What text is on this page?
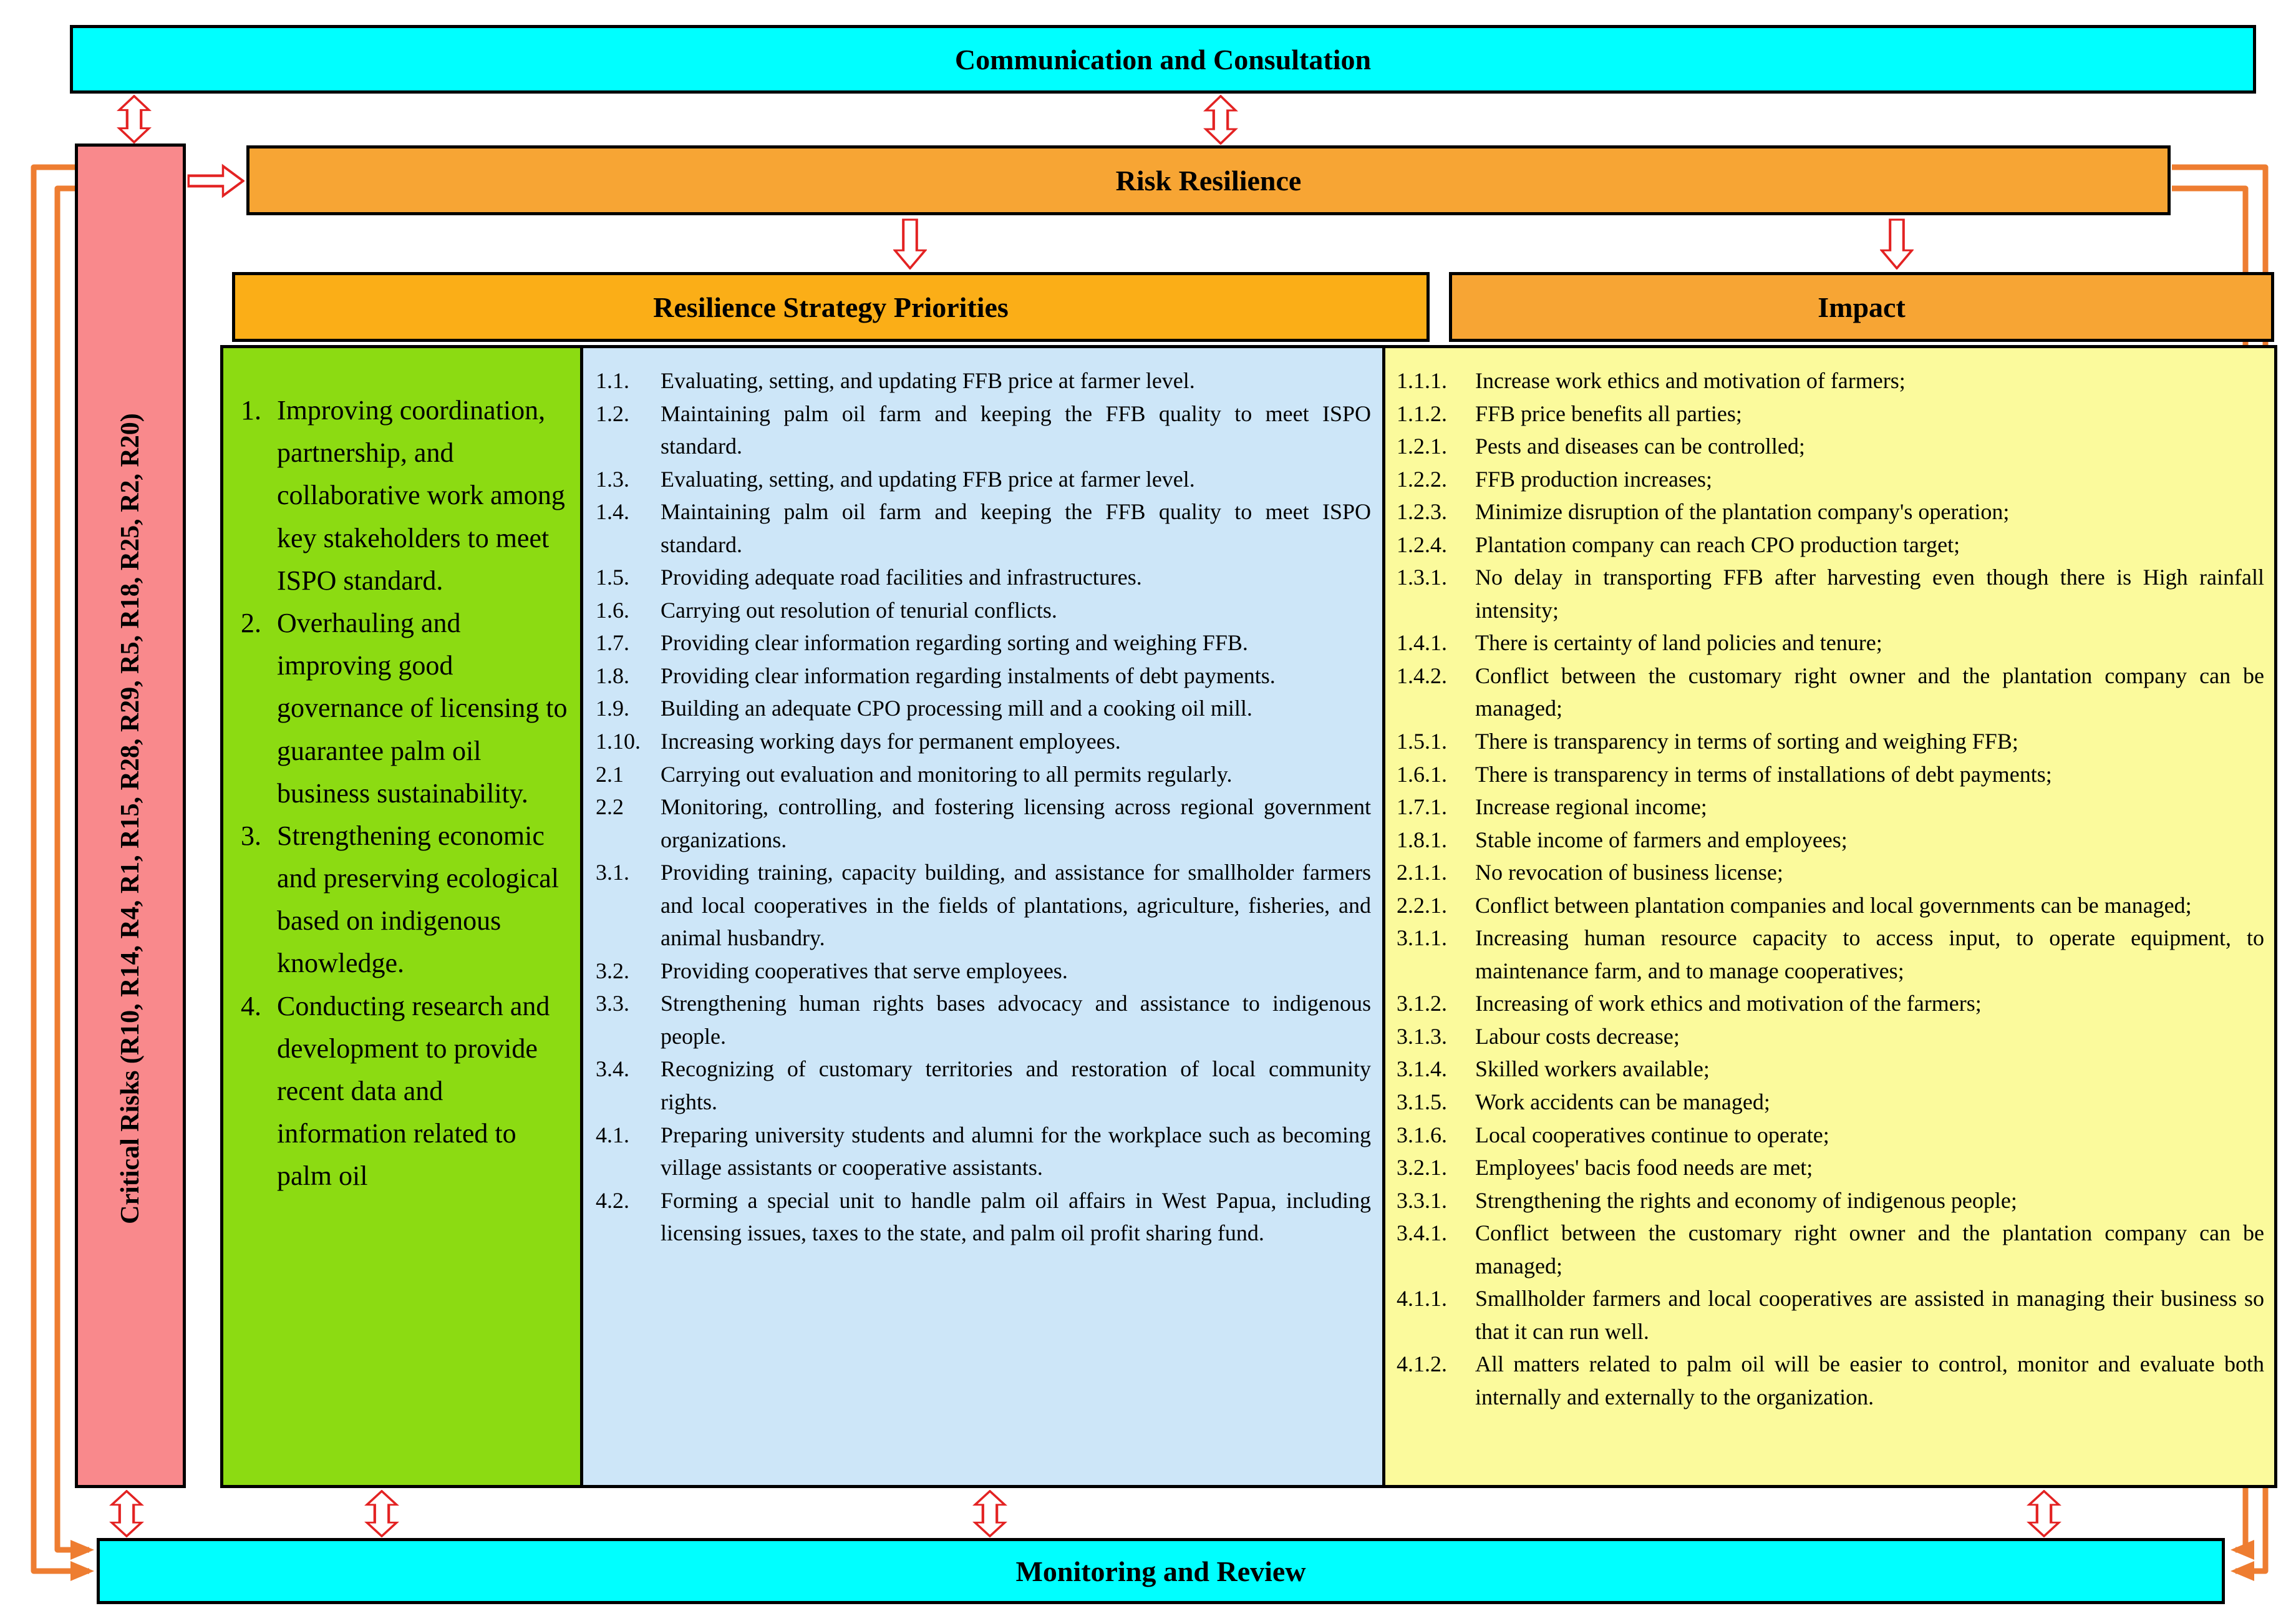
Communication and Consultation
Critical Risks (R10, R14, R4, R1, R15, R28, R29, R5, R18, R25, R2, R20)
Risk Resilience
Resilience Strategy Priorities	Impact
1. Improving coordination, partnership, and collaborative work among key stakeholders to meet ISPO standard.
2. Overhauling and improving good governance of licensing to guarantee palm oil business sustainability.
3. Strengthening economic and preserving ecological based on indigenous knowledge.
4. Conducting research and development to provide recent data and information related to palm oil
1.1.	Evaluating, setting, and updating FFB price at farmer level.
1.2.	Maintaining palm oil farm and keeping the FFB quality to meet ISPO standard.
1.3.	Evaluating, setting, and updating FFB price at farmer level.
1.4.	Maintaining palm oil farm and keeping the FFB quality to meet ISPO standard.
1.5.	Providing adequate road facilities and infrastructures.
1.6.	Carrying out resolution of tenurial conflicts.
1.7.	Providing clear information regarding sorting and weighing FFB.
1.8.	Providing clear information regarding instalments of debt payments.
1.9.	Building an adequate CPO processing mill and a cooking oil mill.
1.10. Increasing working days for permanent employees.
2.1	Carrying out evaluation and monitoring to all permits regularly.
2.2	Monitoring, controlling, and fostering licensing across regional government organizations.
3.1.	Providing training, capacity building, and assistance for smallholder farmers and local cooperatives in the fields of plantations, agriculture, fisheries, and animal husbandry.
3.2.	Providing cooperatives that serve employees.
3.3.	Strengthening human rights bases advocacy and assistance to indigenous people.
3.4.	Recognizing of customary territories and restoration of local community rights.
4.1.	Preparing university students and alumni for the workplace such as becoming village assistants or cooperative assistants.
4.2.	Forming a special unit to handle palm oil affairs in West Papua, including licensing issues, taxes to the state, and palm oil profit sharing fund.
1.1.1.	Increase work ethics and motivation of farmers;
1.1.2.	FFB price benefits all parties;
1.2.1.	Pests and diseases can be controlled;
1.2.2.	FFB production increases;
1.2.3.	Minimize disruption of the plantation company's operation;
1.2.4.	Plantation company can reach CPO production target;
1.3.1.	No delay in transporting FFB after harvesting even though there is High rainfall intensity;
1.4.1.	There is certainty of land policies and tenure;
1.4.2.	Conflict between the customary right owner and the plantation company can be managed;
1.5.1.	There is transparency in terms of sorting and weighing FFB;
1.6.1.	There is transparency in terms of installations of debt payments;
1.7.1.	Increase regional income;
1.8.1.	Stable income of farmers and employees;
2.1.1.	No revocation of business license;
2.2.1.	Conflict between plantation companies and local governments can be managed;
3.1.1.	Increasing human resource capacity to access input, to operate equipment, to maintenance farm, and to manage cooperatives;
3.1.2.	Increasing of work ethics and motivation of the farmers;
3.1.3.	Labour costs decrease;
3.1.4.	Skilled workers available;
3.1.5.	Work accidents can be managed;
3.1.6.	Local cooperatives continue to operate;
3.2.1.	Employees' bacis food needs are met;
3.3.1.	Strengthening the rights and economy of indigenous people;
3.4.1.	Conflict between the customary right owner and the plantation company can be managed;
4.1.1.	Smallholder farmers and local cooperatives are assisted in managing their business so that it can run well.
4.1.2.	All matters related to palm oil will be easier to control, monitor and evaluate both internally and externally to the organization.
Monitoring and Review
